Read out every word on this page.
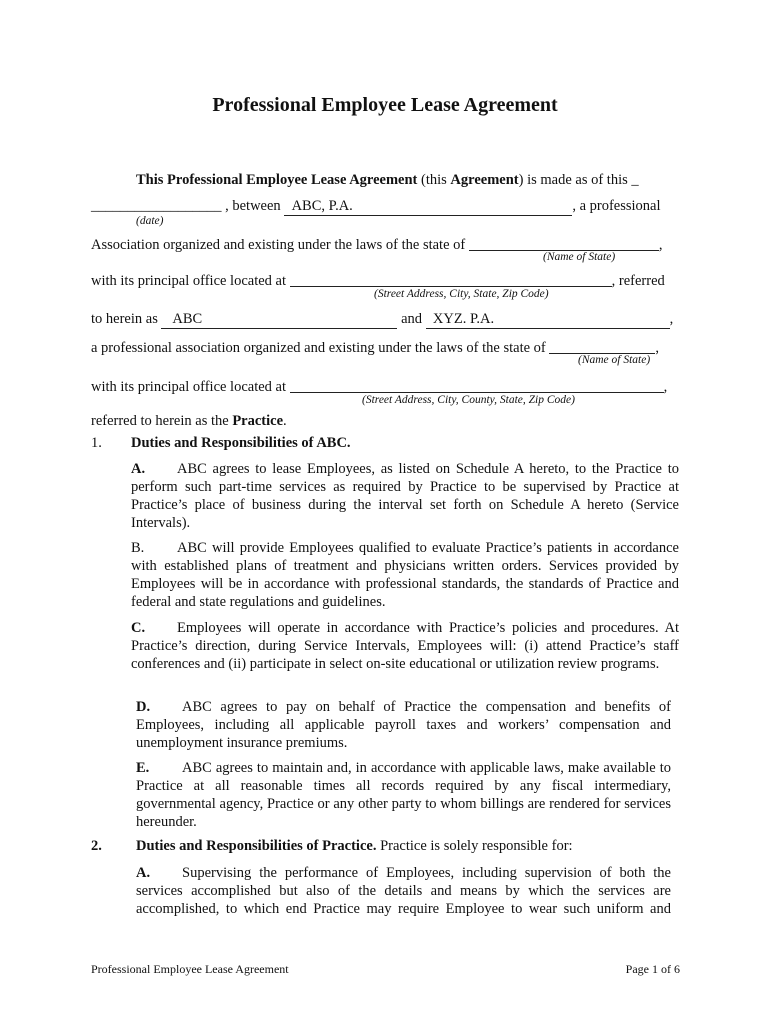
Professional Employee Lease Agreement
This Professional Employee Lease Agreement (this Agreement) is made as of this _
__________________ , between ABC, P.A.	, a professional
(date)
Association organized and existing under the laws of the state of	,
(Name of State)
with its principal office located at	, referred
(Street Address, City, State, Zip Code)
to herein as ABC	and XYZ. P.A.	,
a professional association organized and existing under the laws of the state of	,
(Name of State)
with its principal office located at	,
(Street Address, City, County, State, Zip Code)
referred to herein as the Practice.
1. Duties and Responsibilities of ABC.
A. ABC agrees to lease Employees, as listed on Schedule A hereto, to the Practice to perform such part-time services as required by Practice to be supervised by Practice at Practice’s place of business during the interval set forth on Schedule A hereto (Service Intervals).
B. ABC will provide Employees qualified to evaluate Practice’s patients in accordance with established plans of treatment and physicians written orders. Services provided by Employees will be in accordance with professional standards, the standards of Practice and federal and state regulations and guidelines.
C. Employees will operate in accordance with Practice’s policies and procedures. At Practice’s direction, during Service Intervals, Employees will: (i) attend Practice’s staff conferences and (ii) participate in select on-site educational or utilization review programs.
D. ABC agrees to pay on behalf of Practice the compensation and benefits of Employees, including all applicable payroll taxes and workers’ compensation and unemployment insurance premiums.
E. ABC agrees to maintain and, in accordance with applicable laws, make available to Practice at all reasonable times all records required by any fiscal intermediary, governmental agency, Practice or any other party to whom billings are rendered for services hereunder.
2. Duties and Responsibilities of Practice. Practice is solely responsible for:
A. Supervising the performance of Employees, including supervision of both the services accomplished but also of the details and means by which the services are accomplished, to which end Practice may require Employee to wear such uniform and
Professional Employee Lease Agreement	Page 1 of 6
